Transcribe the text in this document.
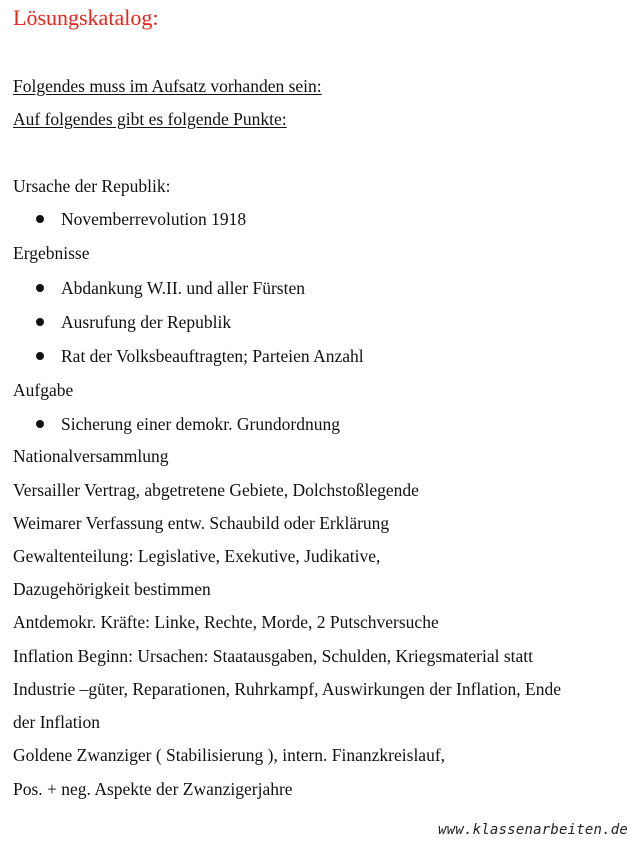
Lösungskatalog:
Folgendes muss im Aufsatz vorhanden sein:
Auf folgendes gibt es folgende Punkte:
Ursache der Republik:
Novemberrevolution 1918
Ergebnisse
Abdankung W.II. und aller Fürsten
Ausrufung der Republik
Rat der Volksbeauftragten; Parteien Anzahl
Aufgabe
Sicherung einer demokr. Grundordnung
Nationalversammlung
Versailler Vertrag, abgetretene Gebiete, Dolchstoßlegende
Weimarer Verfassung entw. Schaubild oder Erklärung
Gewaltenteilung: Legislative, Exekutive, Judikative,
Dazugehörigkeit bestimmen
Antdemokr. Kräfte: Linke, Rechte, Morde, 2 Putschversuche
Inflation Beginn: Ursachen: Staatausgaben, Schulden, Kriegsmaterial statt
Industrie –güter, Reparationen, Ruhrkampf, Auswirkungen der Inflation, Ende
der Inflation
Goldene Zwanziger ( Stabilisierung ), intern. Finanzkreislauf,
Pos. + neg. Aspekte der Zwanzigerjahre
www.klassenarbeiten.de
